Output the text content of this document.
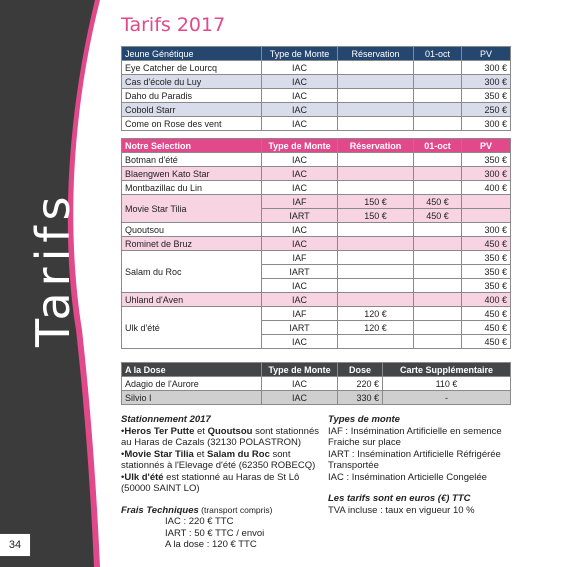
Tarifs
34
Tarifs 2017
Jeune Génétique	Type de Monte	Réservation	01-oct	PV
Eye Catcher de Lourcq	IAC			300 €
Cas d'école du Luy	IAC			300 €
Daho du Paradis	IAC			350 €
Cobold Starr	IAC			250 €
Come on Rose des vent	IAC			300 €
Notre Selection	Type de Monte	Réservation	01-oct	PV
Botman d'été	IAC			350 €
Blaengwen Kato Star	IAC			300 €
Montbazillac du Lin	IAC			400 €
Movie Star Tilia	IAF	150 €	450 €	
	IART	150 €	450 €	
Quoutsou	IAC			300 €
Rominet de Bruz	IAC			450 €
Salam du Roc	IAF			350 €
	IART			350 €
	IAC			350 €
Uhland d'Aven	IAC			400 €
Ulk d'été	IAF	120 €		450 €
	IART	120 €		450 €
	IAC			450 €
A la Dose	Type de Monte	Dose	Carte Supplémentaire
Adagio de l'Aurore	IAC	220 €	110 €
Silvio I	IAC	330 €	-
Stationnement 2017
•Heros Ter Putte et Quoutsou sont stationnés au Haras de Cazals (32130 POLASTRON)
•Movie Star Tilia et Salam du Roc sont stationnés à l'Elevage d'été (62350 ROBECQ)
•Ulk d'été est stationné au Haras de St Lô (50000 SAINT LO)
Frais Techniques (transport compris)
IAC : 220 € TTC
IART : 50 € TTC / envoi
A la dose : 120 € TTC
Types de monte
IAF : Insémination Artificielle en semence Fraiche sur place
IART : Insémination Artificielle Réfrigérée Transportée
IAC : Insémination Articielle Congelée
Les tarifs sont en euros (€) TTC
TVA incluse : taux en vigueur 10 %
